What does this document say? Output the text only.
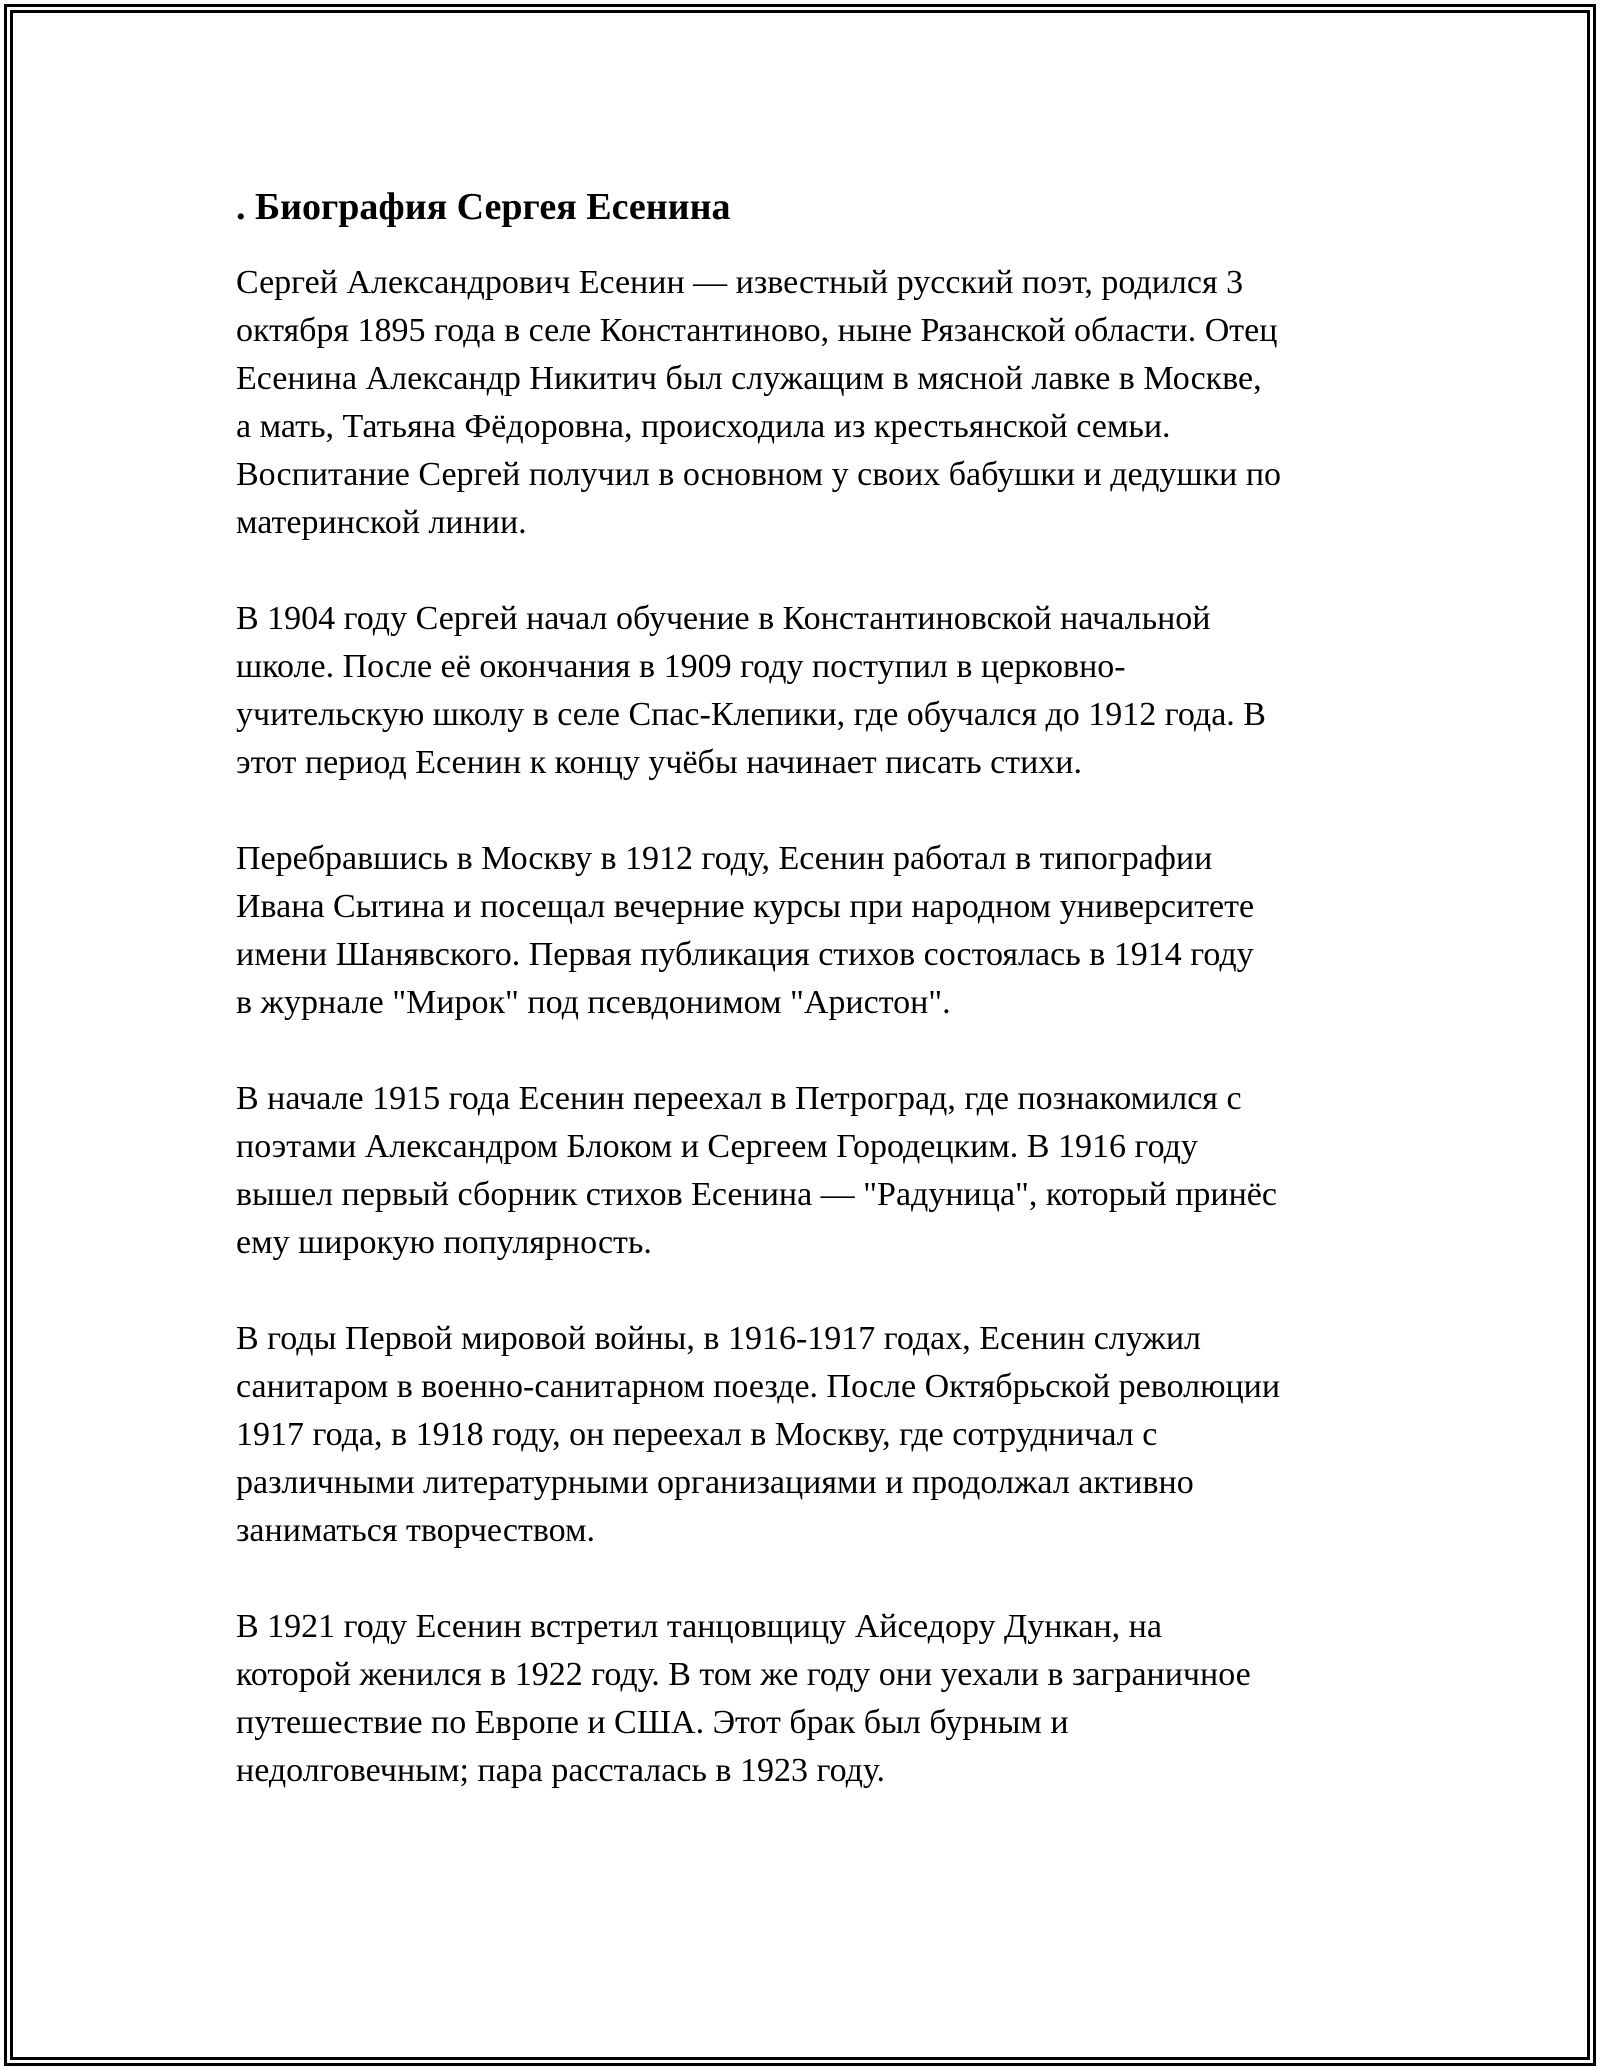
. Биография Сергея Есенина

Сергей Александрович Есенин — известный русский поэт, родился 3
октября 1895 года в селе Константиново, ныне Рязанской области. Отец
Есенина Александр Никитич был служащим в мясной лавке в Москве,
а мать, Татьяна Фёдоровна, происходила из крестьянской семьи.
Воспитание Сергей получил в основном у своих бабушки и дедушки по
материнской линии.

В 1904 году Сергей начал обучение в Константиновской начальной
школе. После её окончания в 1909 году поступил в церковно-
учительскую школу в селе Спас-Клепики, где обучался до 1912 года. В
этот период Есенин к концу учёбы начинает писать стихи.

Перебравшись в Москву в 1912 году, Есенин работал в типографии
Ивана Сытина и посещал вечерние курсы при народном университете
имени Шанявского. Первая публикация стихов состоялась в 1914 году
в журнале "Мирок" под псевдонимом "Аристон".

В начале 1915 года Есенин переехал в Петроград, где познакомился с
поэтами Александром Блоком и Сергеем Городецким. В 1916 году
вышел первый сборник стихов Есенина — "Радуница", который принёс
ему широкую популярность.

В годы Первой мировой войны, в 1916-1917 годах, Есенин служил
санитаром в военно-санитарном поезде. После Октябрьской революции
1917 года, в 1918 году, он переехал в Москву, где сотрудничал с
различными литературными организациями и продолжал активно
заниматься творчеством.

В 1921 году Есенин встретил танцовщицу Айседору Дункан, на
которой женился в 1922 году. В том же году они уехали в заграничное
путешествие по Европе и США. Этот брак был бурным и
недолговечным; пара рассталась в 1923 году.
